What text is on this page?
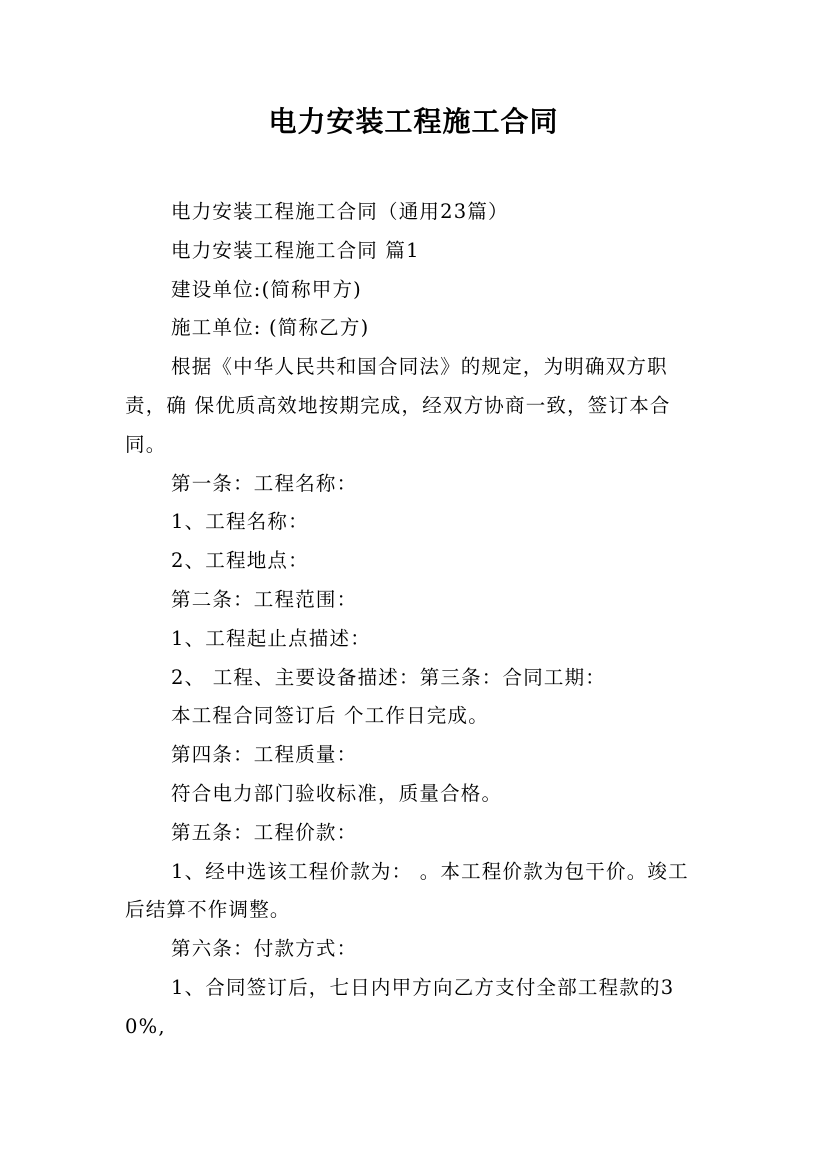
电力安装工程施工合同

电力安装工程施工合同（通用23篇）

电力安装工程施工合同 篇1

建设单位:(简称甲方)

施工单位: (简称乙方)

根据《中华人民共和国合同法》的规定，为明确双方职责，确 保优质高效地按期完成，经双方协商一致，签订本合同。

第一条：工程名称：

1、工程名称：

2、工程地点：

第二条：工程范围：

1、工程起止点描述：

2、 工程、主要设备描述：第三条：合同工期：

本工程合同签订后 个工作日完成。

第四条：工程质量：

符合电力部门验收标准，质量合格。

第五条：工程价款：

1、经中选该工程价款为： 。本工程价款为包干价。竣工后结算不作调整。

第六条：付款方式：

1、合同签订后，七日内甲方向乙方支付全部工程款的30%,
